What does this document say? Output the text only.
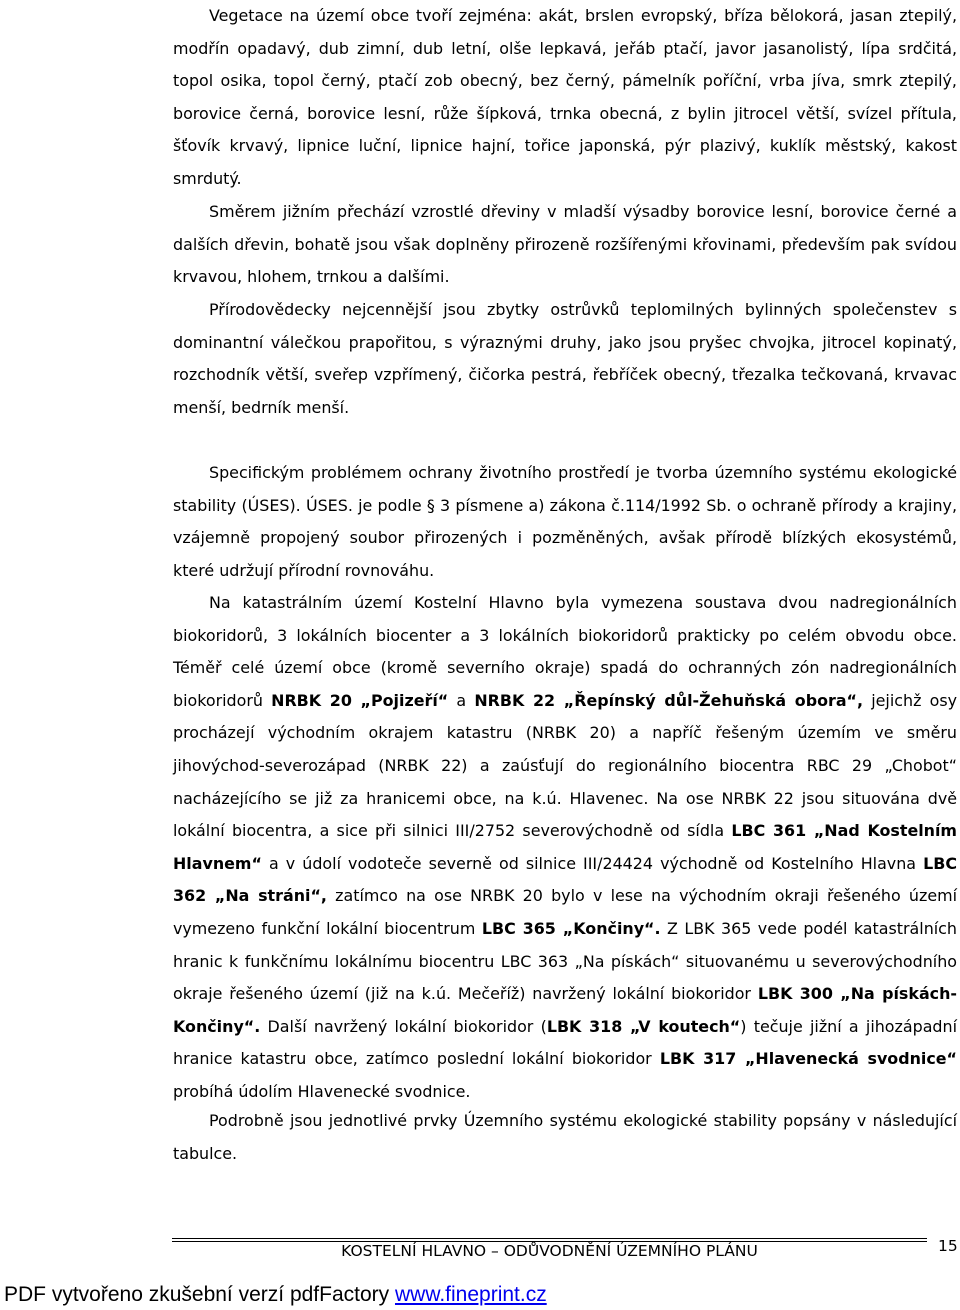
Vegetace na území obce tvoří zejména: akát, brslen evropský, bříza bělokorá, jasan ztepilý, modřín opadavý, dub zimní, dub letní, olše lepkavá, jeřáb ptačí, javor jasanolistý, lípa srdčitá, topol osika, topol černý, ptačí zob obecný, bez černý, pámelník poříční, vrba jíva, smrk ztepilý, borovice černá, borovice lesní, růže šípková, trnka obecná, z bylin jitrocel větší, svízel přítula, šťovík krvavý, lipnice luční, lipnice hajní, tořice japonská, pýr plazivý, kuklík městský, kakost smrdutý.

Směrem jižním přechází vzrostlé dřeviny v mladší výsadby borovice lesní, borovice černé a dalších dřevin, bohatě jsou však doplněny přirozeně rozšířenými křovinami, především pak svídou krvavou, hlohem, trnkou a dalšími.

Přírodovědecky nejcennější jsou zbytky ostrůvků teplomilných bylinných společenstev s dominantní válečkou prapořitou, s výraznými druhy, jako jsou pryšec chvojka, jitrocel kopinatý, rozchodník větší, sveřep vzpřímený, čičorka pestrá, řebříček obecný, třezalka tečkovaná, krvavac menší, bedrník menší.

Specifickým problémem ochrany životního prostředí je tvorba územního systému ekologické stability (ÚSES). ÚSES. je podle § 3 písmene a) zákona č.114/1992 Sb. o ochraně přírody a krajiny, vzájemně propojený soubor přirozených i pozměněných, avšak přírodě blízkých ekosystémů, které udržují přírodní rovnováhu.

Na katastrálním území Kostelní Hlavno byla vymezena soustava dvou nadregionálních biokoridorů, 3 lokálních biocenter a 3 lokálních biokoridorů prakticky po celém obvodu obce. Téměř celé území obce (kromě severního okraje) spadá do ochranných zón nadregionálních biokoridorů NRBK 20 „Pojizeří“ a NRBK 22 „Řepínský důl-Žehuňská obora“, jejichž osy procházejí východním okrajem katastru (NRBK 20) a napříč řešeným územím ve směru jihovýchod-severozápad (NRBK 22) a zaúsťují do regionálního biocentra RBC 29 „Chobot“ nacházejícího se již za hranicemi obce, na k.ú. Hlavenec. Na ose NRBK 22 jsou situována dvě lokální biocentra, a sice při silnici III/2752 severovýchodně od sídla LBC 361 „Nad Kostelním Hlavnem“ a v údolí vodoteče severně od silnice III/24424 východně od Kostelního Hlavna LBC 362 „Na stráni“, zatímco na ose NRBK 20 bylo v lese na východním okraji řešeného území vymezeno funkční lokální biocentrum LBC 365 „Končiny“. Z LBK 365 vede podél katastrálních hranic k funkčnímu lokálnímu biocentru LBC 363 „Na pískách“ situovanému u severovýchodního okraje řešeného území (již na k.ú. Mečeříž) navržený lokální biokoridor LBK 300 „Na pískách-Končiny“. Další navržený lokální biokoridor (LBK 318 „V koutech“) tečuje jižní a jihozápadní hranice katastru obce, zatímco poslední lokální biokoridor LBK 317 „Hlavenecká svodnice“ probíhá údolím Hlavenecké svodnice.

Podrobně jsou jednotlivé prvky Územního systému ekologické stability popsány v následující tabulce.

KOSTELNÍ HLAVNO – ODŮVODNĚNÍ ÚZEMNÍHO PLÁNU	15
PDF vytvořeno zkušební verzí pdfFactory www.fineprint.cz
